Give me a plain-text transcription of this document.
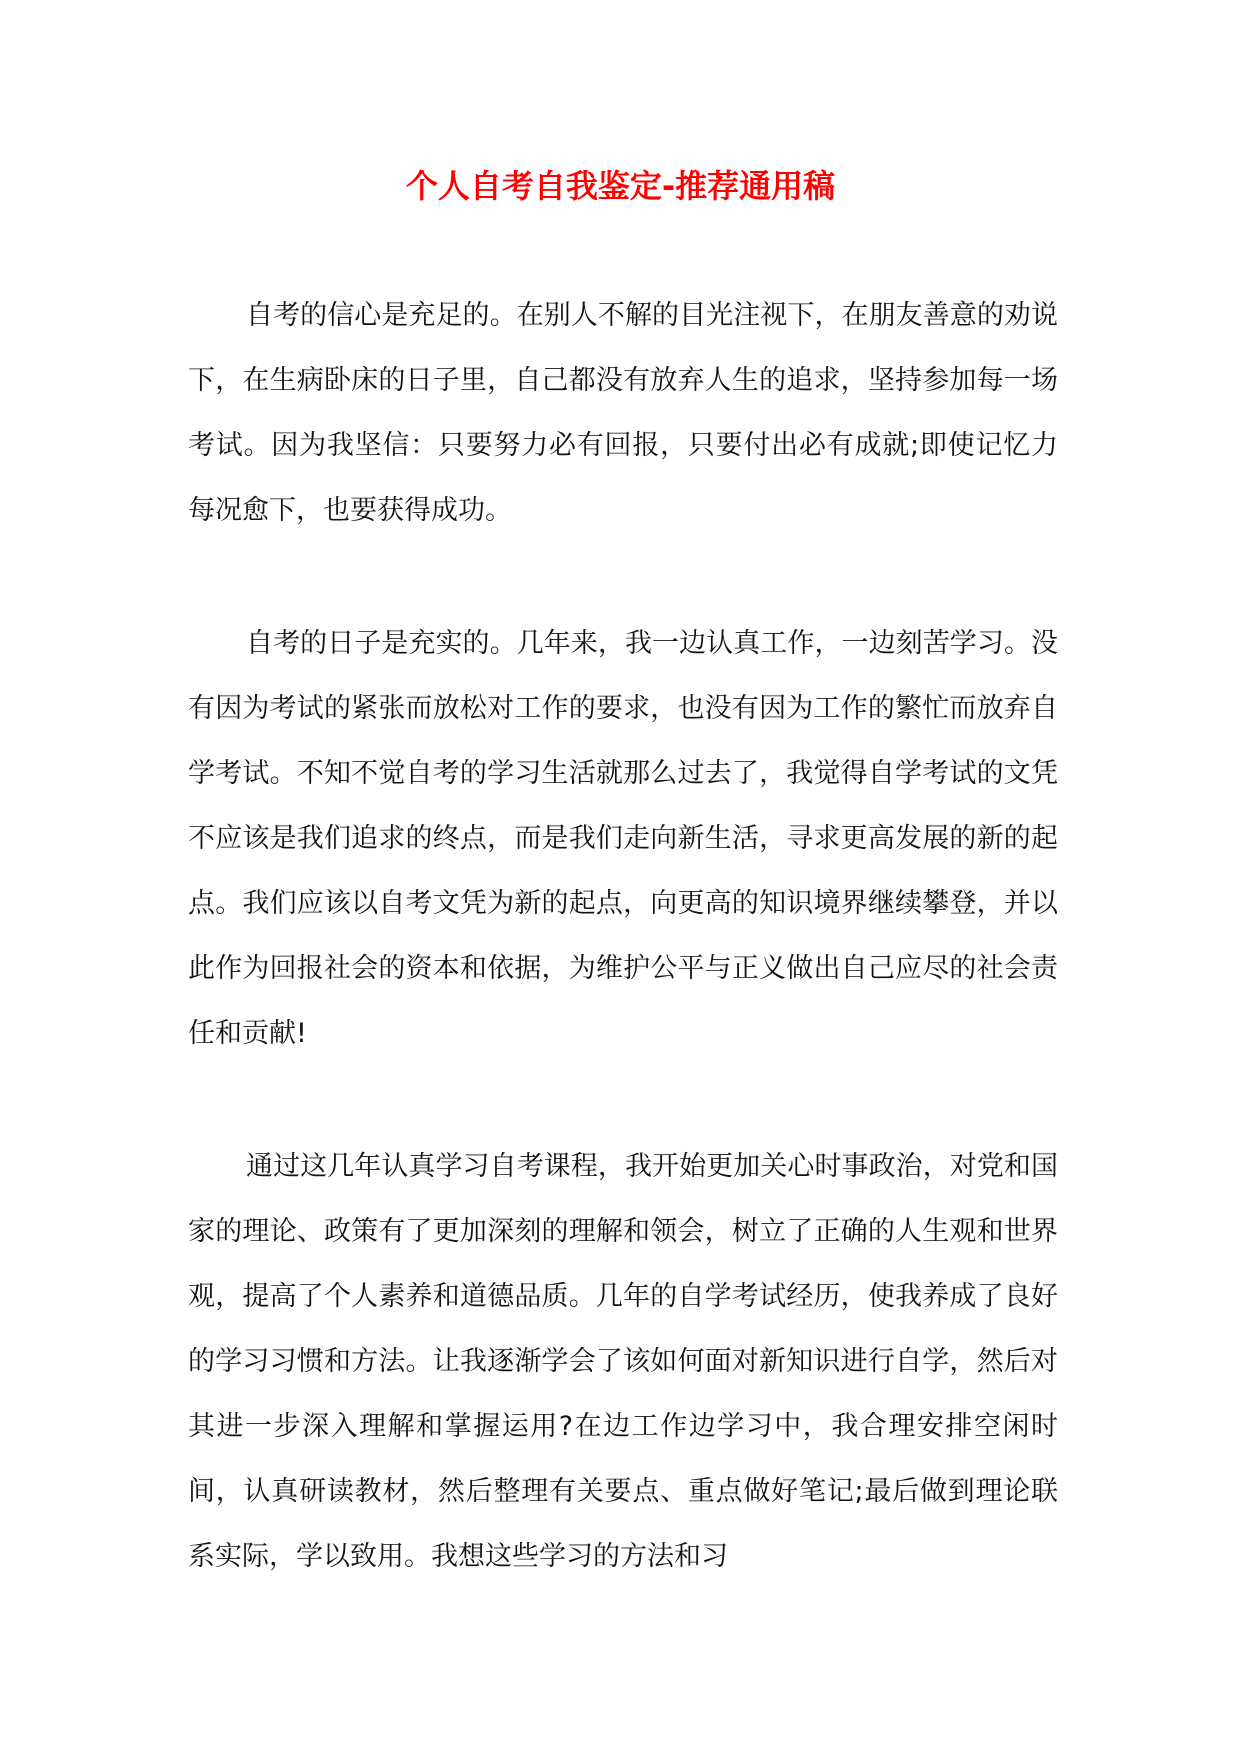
个人自考自我鉴定-推荐通用稿

自考的信心是充足的。在别人不解的目光注视下，在朋友善意的劝说下，在生病卧床的日子里，自己都没有放弃人生的追求，坚持参加每一场考试。因为我坚信：只要努力必有回报，只要付出必有成就;即使记忆力每况愈下，也要获得成功。

自考的日子是充实的。几年来，我一边认真工作，一边刻苦学习。没有因为考试的紧张而放松对工作的要求，也没有因为工作的繁忙而放弃自学考试。不知不觉自考的学习生活就那么过去了，我觉得自学考试的文凭不应该是我们追求的终点，而是我们走向新生活，寻求更高发展的新的起点。我们应该以自考文凭为新的起点，向更高的知识境界继续攀登，并以此作为回报社会的资本和依据，为维护公平与正义做出自己应尽的社会责任和贡献!

通过这几年认真学习自考课程，我开始更加关心时事政治，对党和国家的理论、政策有了更加深刻的理解和领会，树立了正确的人生观和世界观，提高了个人素养和道德品质。几年的自学考试经历，使我养成了良好的学习习惯和方法。让我逐渐学会了该如何面对新知识进行自学，然后对其进一步深入理解和掌握运用?在边工作边学习中，我合理安排空闲时间，认真研读教材，然后整理有关要点、重点做好笔记;最后做到理论联系实际，学以致用。我想这些学习的方法和习
